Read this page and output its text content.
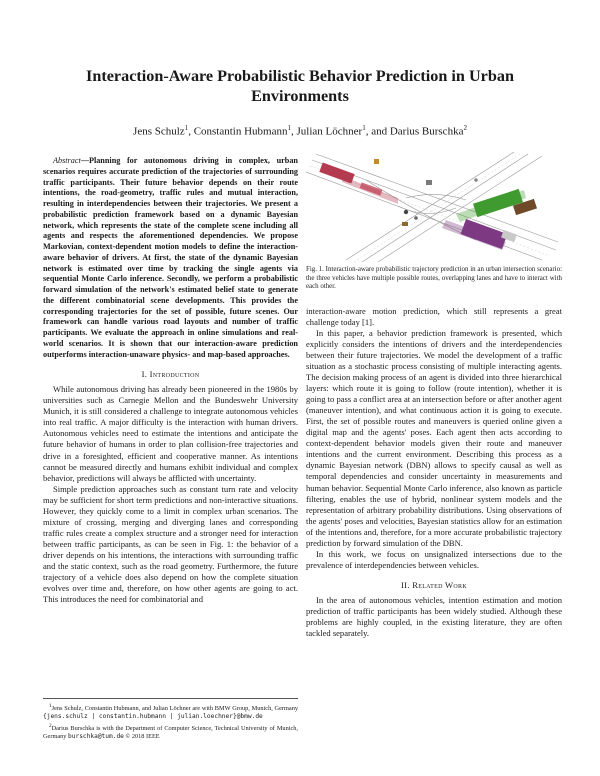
Interaction-Aware Probabilistic Behavior Prediction in Urban Environments
Jens Schulz$^1$, Constantin Hubmann$^1$, Julian Löchner$^1$, and Darius Burschka$^2$

Abstract—Planning for autonomous driving in complex, urban scenarios requires accurate prediction of the trajectories of surrounding traffic participants. Their future behavior depends on their route intentions, the road-geometry, traffic rules and mutual interaction, resulting in interdependencies between their trajectories. We present a probabilistic prediction framework based on a dynamic Bayesian network, which represents the state of the complete scene including all agents and respects the aforementioned dependencies. We propose Markovian, context-dependent motion models to define the interaction-aware behavior of drivers. At first, the state of the dynamic Bayesian network is estimated over time by tracking the single agents via sequential Monte Carlo inference. Secondly, we perform a probabilistic forward simulation of the network's estimated belief state to generate the different combinatorial scene developments. This provides the corresponding trajectories for the set of possible, future scenes. Our framework can handle various road layouts and number of traffic participants. We evaluate the approach in online simulations and real-world scenarios. It is shown that our interaction-aware prediction outperforms interaction-unaware physics- and map-based approaches.

I. Introduction

While autonomous driving has already been pioneered in the 1980s by universities such as Carnegie Mellon and the Bundeswehr University Munich, it is still considered a challenge to integrate autonomous vehicles into real traffic. A major difficulty is the interaction with human drivers. Autonomous vehicles need to estimate the intentions and anticipate the future behavior of humans in order to plan collision-free trajectories and drive in a foresighted, efficient and cooperative manner. As intentions cannot be measured directly and humans exhibit individual and complex behavior, predictions will always be afflicted with uncertainty.

Simple prediction approaches such as constant turn rate and velocity may be sufficient for short term predictions and non-interactive situations. However, they quickly come to a limit in complex urban scenarios. The mixture of crossing, merging and diverging lanes and corresponding traffic rules create a complex structure and a stronger need for interaction between traffic participants, as can be seen in Fig. 1: the behavior of a driver depends on his intentions, the interactions with surrounding traffic and the static context, such as the road geometry. Furthermore, the future trajectory of a vehicle does also depend on how the complete situation evolves over time and, therefore, on how other agents are going to act. This introduces the need for combinatorial and

$^1$Jens Schulz, Constantin Hubmann, and Julian Löchner are with BMW Group, Munich, Germany {jens.schulz | constantin.hubmann | julian.loechner}@bmw.de

$^2$Darius Burschka is with the Department of Computer Science, Technical University of Munich, Germany burschka@tum.de © 2018 IEEE

Fig. 1. Interaction-aware probabilistic trajectory prediction in an urban intersection scenario: the three vehicles have multiple possible routes, overlapping lanes and have to interact with each other.

interaction-aware motion prediction, which still represents a great challenge today [1].

In this paper, a behavior prediction framework is presented, which explicitly considers the intentions of drivers and the interdependencies between their future trajectories. We model the development of a traffic situation as a stochastic process consisting of multiple interacting agents. The decision making process of an agent is divided into three hierarchical layers: which route it is going to follow (route intention), whether it is going to pass a conflict area at an intersection before or after another agent (maneuver intention), and what continuous action it is going to execute. First, the set of possible routes and maneuvers is queried online given a digital map and the agents' poses. Each agent then acts according to context-dependent behavior models given their route and maneuver intentions and the current environment. Describing this process as a dynamic Bayesian network (DBN) allows to specify causal as well as temporal dependencies and consider uncertainty in measurements and human behavior. Sequential Monte Carlo inference, also known as particle filtering, enables the use of hybrid, nonlinear system models and the representation of arbitrary probability distributions. Using observations of the agents' poses and velocities, Bayesian statistics allow for an estimation of the intentions and, therefore, for a more accurate probabilistic trajectory prediction by forward simulation of the DBN.

In this work, we focus on unsignalized intersections due to the prevalence of interdependencies between vehicles.

II. Related Work

In the area of autonomous vehicles, intention estimation and motion prediction of traffic participants has been widely studied. Although these problems are highly coupled, in the existing literature, they are often tackled separately.
